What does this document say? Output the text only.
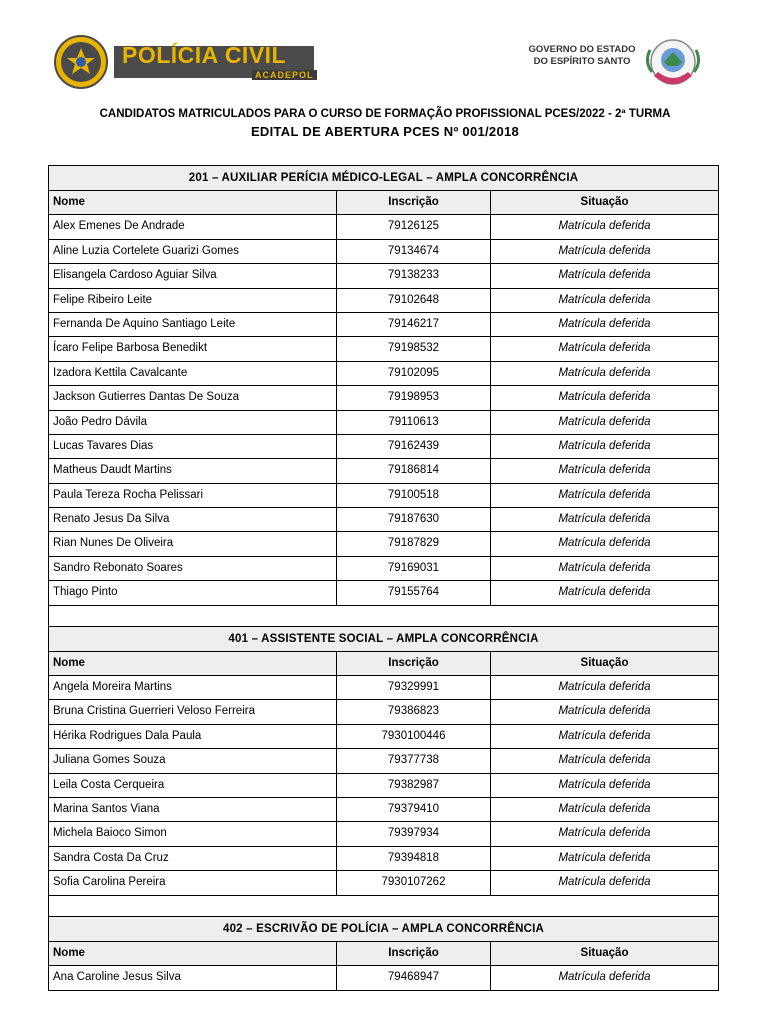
POLÍCIA CIVIL
ACADEPOL
GOVERNO DO ESTADO
DO ESPÍRITO SANTO
CANDIDATOS MATRICULADOS PARA O CURSO DE FORMAÇÃO PROFISSIONAL PCES/2022 - 2ª TURMA
EDITAL DE ABERTURA PCES Nº 001/2018
201 – AUXILIAR PERÍCIA MÉDICO-LEGAL – AMPLA CONCORRÊNCIA
Nome	Inscrição	Situação
Alex Emenes De Andrade	79126125	Matrícula deferida
Aline Luzia Cortelete Guarizi Gomes	79134674	Matrícula deferida
Elisangela Cardoso Aguiar Silva	79138233	Matrícula deferida
Felipe Ribeiro Leite	79102648	Matrícula deferida
Fernanda De Aquino Santiago Leite	79146217	Matrícula deferida
Ícaro Felipe Barbosa Benedikt	79198532	Matrícula deferida
Izadora Kettila Cavalcante	79102095	Matrícula deferida
Jackson Gutierres Dantas De Souza	79198953	Matrícula deferida
João Pedro Dávila	79110613	Matrícula deferida
Lucas Tavares Dias	79162439	Matrícula deferida
Matheus Daudt Martins	79186814	Matrícula deferida
Paula Tereza Rocha Pelissari	79100518	Matrícula deferida
Renato Jesus Da Silva	79187630	Matrícula deferida
Rian Nunes De Oliveira	79187829	Matrícula deferida
Sandro Rebonato Soares	79169031	Matrícula deferida
Thiago Pinto	79155764	Matrícula deferida
401 – ASSISTENTE SOCIAL – AMPLA CONCORRÊNCIA
Nome	Inscrição	Situação
Angela Moreira Martins	79329991	Matrícula deferida
Bruna Cristina Guerrieri Veloso Ferreira	79386823	Matrícula deferida
Hérika Rodrigues Dala Paula	7930100446	Matrícula deferida
Juliana Gomes Souza	79377738	Matrícula deferida
Leila Costa Cerqueira	79382987	Matrícula deferida
Marina Santos Viana	79379410	Matrícula deferida
Michela Baioco Simon	79397934	Matrícula deferida
Sandra Costa Da Cruz	79394818	Matrícula deferida
Sofia Carolina Pereira	7930107262	Matrícula deferida
402 – ESCRIVÃO DE POLÍCIA – AMPLA CONCORRÊNCIA
Nome	Inscrição	Situação
Ana Caroline Jesus Silva	79468947	Matrícula deferida
